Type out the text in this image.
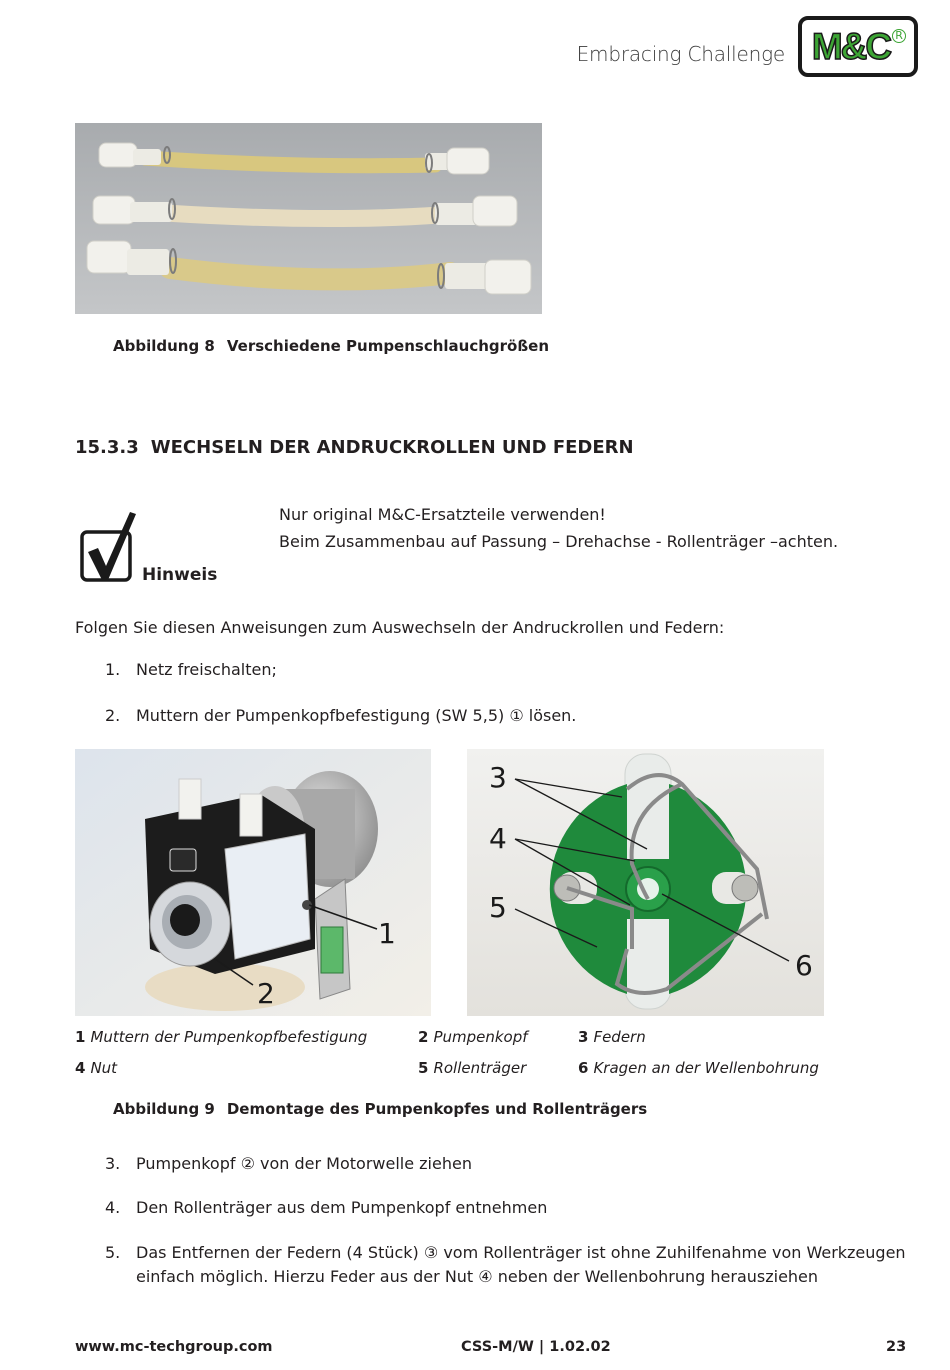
Embracing Challenge M&C R
Abbildung 8 Verschiedene Pumpenschlauchgrößen
15.3.3 WECHSELN DER ANDRUCKROLLEN UND FEDERN
Hinweis
Nur original M&C-Ersatzteile verwenden!
Beim Zusammenbau auf Passung – Drehachse - Rollenträger –achten.
Folgen Sie diesen Anweisungen zum Auswechseln der Andruckrollen und Federn:
1. Netz freischalten;
2. Muttern der Pumpenkopfbefestigung (SW 5,5) ① lösen.
1
2
3
4
5
6
1 Muttern der Pumpenkopfbefestigung	2 Pumpenkopf	3 Federn
4 Nut	5 Rollenträger	6 Kragen an der Wellenbohrung
Abbildung 9 Demontage des Pumpenkopfes und Rollenträgers
3. Pumpenkopf ② von der Motorwelle ziehen
4. Den Rollenträger aus dem Pumpenkopf entnehmen
5. Das Entfernen der Federn (4 Stück) ③ vom Rollenträger ist ohne Zuhilfenahme von Werkzeugen einfach möglich. Hierzu Feder aus der Nut ④ neben der Wellenbohrung herausziehen
www.mc-techgroup.com	CSS-M/W | 1.02.02	23
